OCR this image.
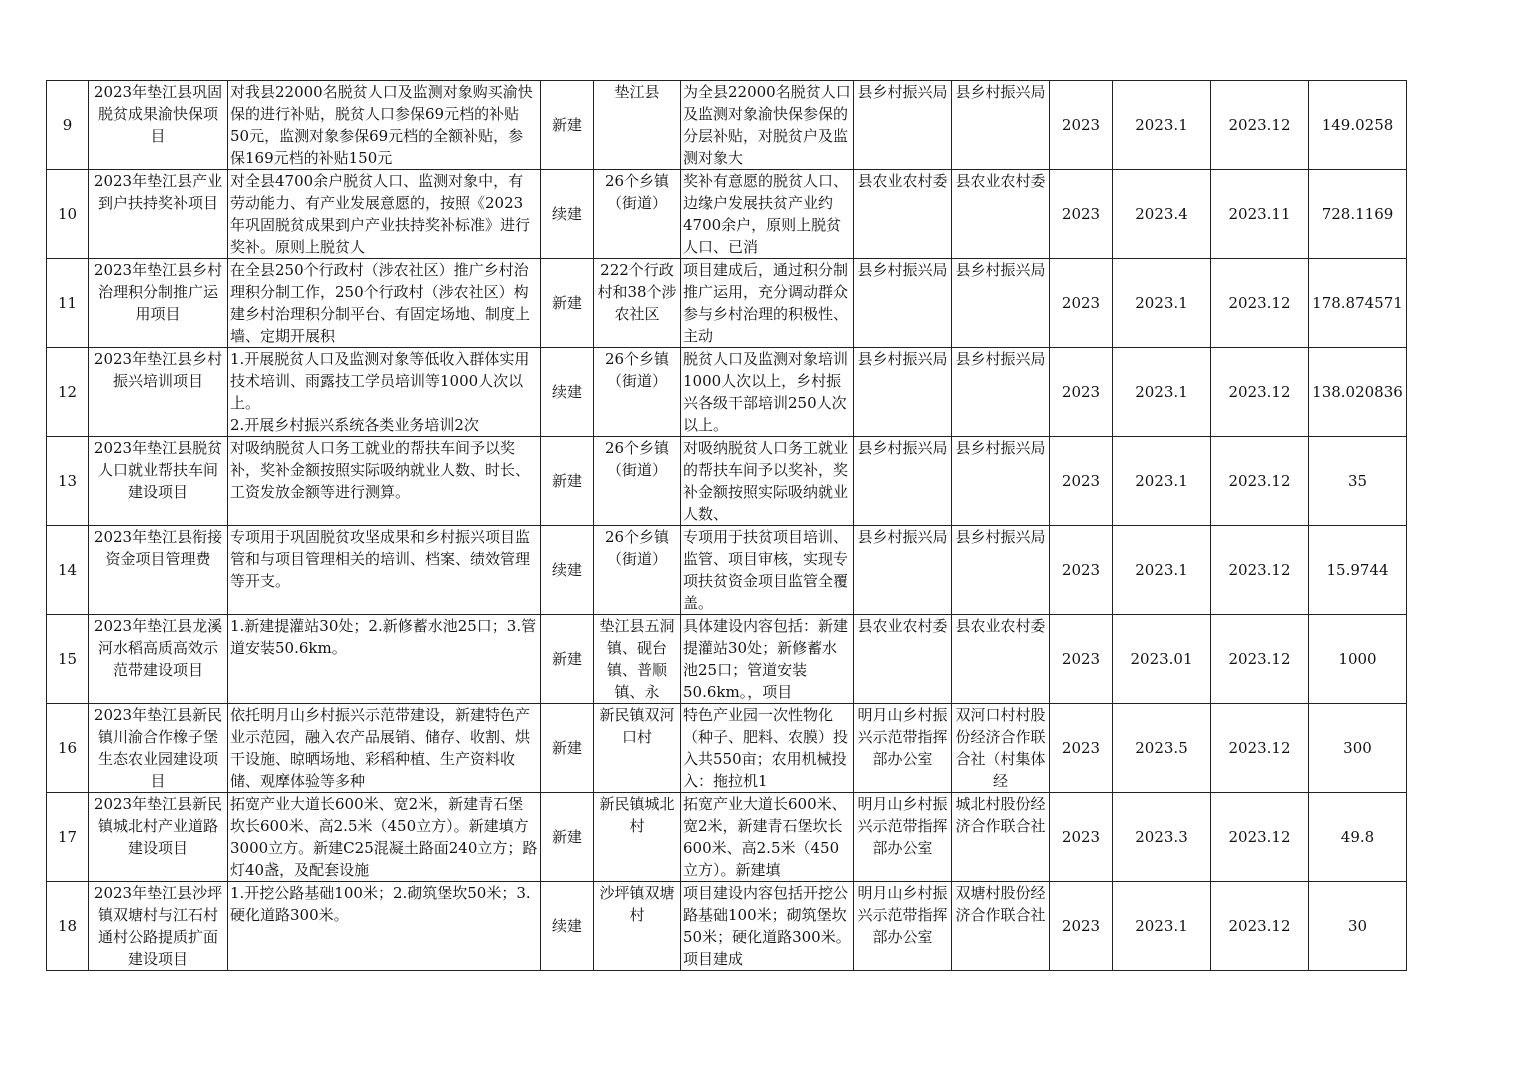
9	2023年垫江县巩固脱贫成果渝快保项目	对我县22000名脱贫人口及监测对象购买渝快保的进行补贴，脱贫人口参保69元档的补贴50元，监测对象参保69元档的全额补贴，参保169元档的补贴150元	新建	垫江县	为全县22000名脱贫人口及监测对象渝快保参保的分层补贴，对脱贫户及监测对象大	县乡村振兴局	县乡村振兴局	2023	2023.1	2023.12	149.0258

10	2023年垫江县产业到户扶持奖补项目	对全县4700余户脱贫人口、监测对象中，有劳动能力、有产业发展意愿的，按照《2023年巩固脱贫成果到户产业扶持奖补标准》进行奖补。原则上脱贫人	续建	26个乡镇（街道）	奖补有意愿的脱贫人口、边缘户发展扶贫产业约4700余户，原则上脱贫人口、已消	县农业农村委	县农业农村委	2023	2023.4	2023.11	728.1169

11	2023年垫江县乡村治理积分制推广运用项目	在全县250个行政村（涉农社区）推广乡村治理积分制工作，250个行政村（涉农社区）构建乡村治理积分制平台、有固定场地、制度上墙、定期开展积	新建	222个行政村和38个涉农社区	项目建成后，通过积分制推广运用，充分调动群众参与乡村治理的积极性、主动	县乡村振兴局	县乡村振兴局	2023	2023.1	2023.12	178.874571

12	2023年垫江县乡村振兴培训项目	1.开展脱贫人口及监测对象等低收入群体实用技术培训、雨露技工学员培训等1000人次以上。
2.开展乡村振兴系统各类业务培训2次	续建	26个乡镇（街道）	脱贫人口及监测对象培训1000人次以上，乡村振兴各级干部培训250人次以上。	县乡村振兴局	县乡村振兴局	2023	2023.1	2023.12	138.020836

13	2023年垫江县脱贫人口就业帮扶车间建设项目	对吸纳脱贫人口务工就业的帮扶车间予以奖补，奖补金额按照实际吸纳就业人数、时长、工资发放金额等进行测算。	新建	26个乡镇（街道）	对吸纳脱贫人口务工就业的帮扶车间予以奖补，奖补金额按照实际吸纳就业人数、	县乡村振兴局	县乡村振兴局	2023	2023.1	2023.12	35

14	2023年垫江县衔接资金项目管理费	专项用于巩固脱贫攻坚成果和乡村振兴项目监管和与项目管理相关的培训、档案、绩效管理等开支。	续建	26个乡镇（街道）	专项用于扶贫项目培训、监管、项目审核，实现专项扶贫资金项目监管全覆盖。	县乡村振兴局	县乡村振兴局	2023	2023.1	2023.12	15.9744

15	2023年垫江县龙溪河水稻高质高效示范带建设项目	1.新建提灌站30处；2.新修蓄水池25口；3.管道安装50.6km。	新建	垫江县五洞镇、砚台镇、普顺镇、永	具体建设内容包括：新建提灌站30处；新修蓄水池25口；管道安装50.6km。，项目	县农业农村委	县农业农村委	2023	2023.01	2023.12	1000

16	2023年垫江县新民镇川渝合作橡子堡生态农业园建设项目	依托明月山乡村振兴示范带建设，新建特色产业示范园，融入农产品展销、储存、收割、烘干设施、晾晒场地、彩稻种植、生产资料收储、观摩体验等多种	新建	新民镇双河口村	特色产业园一次性物化（种子、肥料、农膜）投入共550亩；农用机械投入：拖拉机1	明月山乡村振兴示范带指挥部办公室	双河口村村股份经济合作联合社（村集体经	2023	2023.5	2023.12	300

17	2023年垫江县新民镇城北村产业道路建设项目	拓宽产业大道长600米、宽2米，新建青石堡坎长600米、高2.5米（450立方）。新建填方3000立方。新建C25混凝土路面240立方；路灯40盏，及配套设施	新建	新民镇城北村	拓宽产业大道长600米、宽2米，新建青石堡坎长600米、高2.5米（450立方）。新建填	明月山乡村振兴示范带指挥部办公室	城北村股份经济合作联合社	2023	2023.3	2023.12	49.8

18	2023年垫江县沙坪镇双塘村与江石村通村公路提质扩面建设项目	1.开挖公路基础100米；2.砌筑堡坎50米；3.硬化道路300米。	续建	沙坪镇双塘村	项目建设内容包括开挖公路基础100米；砌筑堡坎50米；硬化道路300米。项目建成	明月山乡村振兴示范带指挥部办公室	双塘村股份经济合作联合社	2023	2023.1	2023.12	30
